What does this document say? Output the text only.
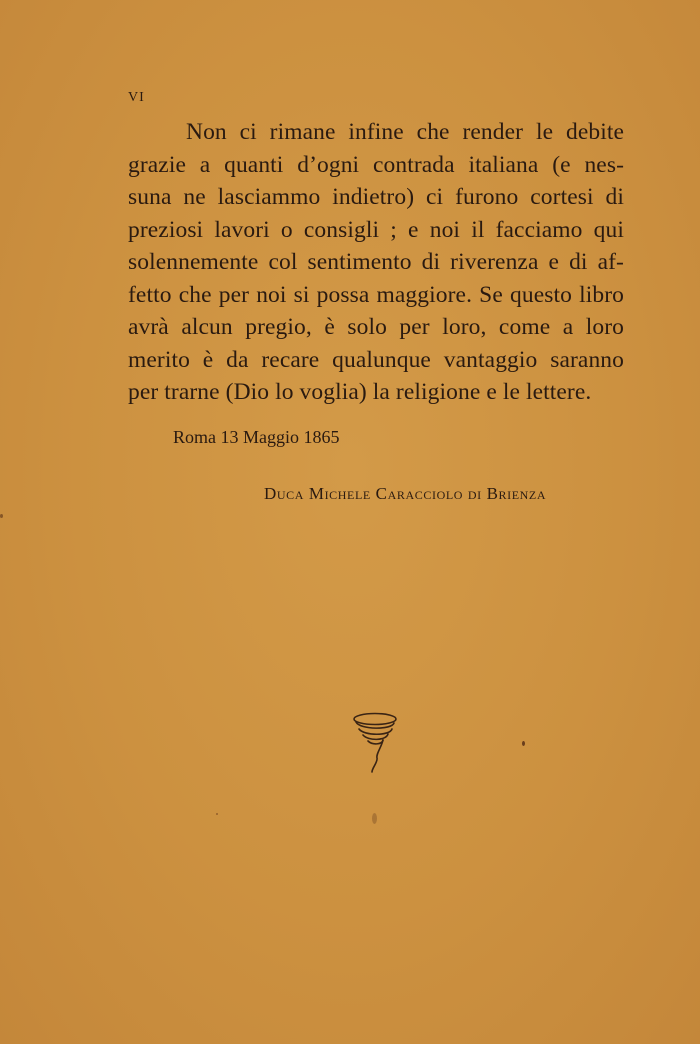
VI
Non ci rimane infine che render le debite
grazie a quanti d’ogni contrada italiana (e nes-
suna ne lasciammo indietro) ci furono cortesi di
preziosi lavori o consigli ; e noi il facciamo qui
solennemente col sentimento di riverenza e di af-
fetto che per noi si possa maggiore. Se questo libro
avrà alcun pregio, è solo per loro, come a loro
merito è da recare qualunque vantaggio saranno
per trarne (Dio lo voglia) la religione e le lettere.
Roma 13 Maggio 1865
Duca Michele Caracciolo di Brienza
